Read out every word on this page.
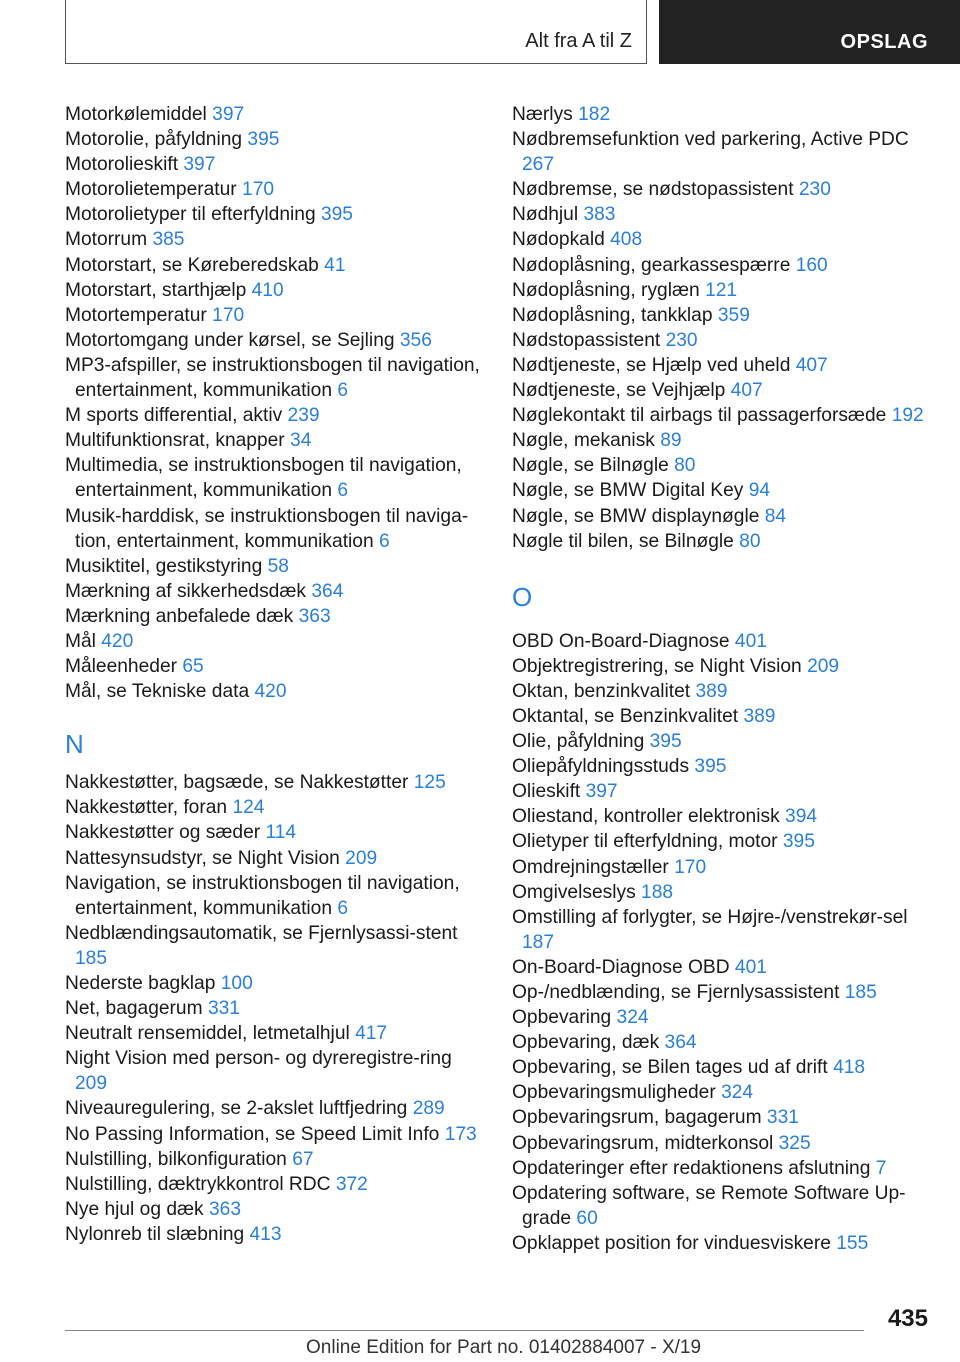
Alt fra A til Z	OPSLAG
Motorkølemiddel 397
Motorolie, påfyldning 395
Motorolieskift 397
Motorolietemperatur 170
Motorolietyper til efterfyldning 395
Motorrum 385
Motorstart, se Køreberedskab 41
Motorstart, starthjælp 410
Motortemperatur 170
Motortomgang under kørsel, se Sejling 356
MP3-afspiller, se instruktionsbogen til navigation, entertainment, kommunikation 6
M sports differential, aktiv 239
Multifunktionsrat, knapper 34
Multimedia, se instruktionsbogen til navigation, entertainment, kommunikation 6
Musik-harddisk, se instruktionsbogen til naviga-tion, entertainment, kommunikation 6
Musiktitel, gestikstyring 58
Mærkning af sikkerhedsdæk 364
Mærkning anbefalede dæk 363
Mål 420
Måleenheder 65
Mål, se Tekniske data 420
N
Nakkestøtter, bagsæde, se Nakkestøtter 125
Nakkestøtter, foran 124
Nakkestøtter og sæder 114
Nattesynsudstyr, se Night Vision 209
Navigation, se instruktionsbogen til navigation, entertainment, kommunikation 6
Nedblændingsautomatik, se Fjernlysassi-stent 185
Nederste bagklap 100
Net, bagagerum 331
Neutralt rensemiddel, letmetalhjul 417
Night Vision med person- og dyreregistre-ring 209
Niveauregulering, se 2-akslet luftfjedring 289
No Passing Information, se Speed Limit Info 173
Nulstilling, bilkonfiguration 67
Nulstilling, dæktrykkontrol RDC 372
Nye hjul og dæk 363
Nylonreb til slæbning 413
Nærlys 182
Nødbremsefunktion ved parkering, Active PDC 267
Nødbremse, se nødstopassistent 230
Nødhjul 383
Nødopkald 408
Nødoplåsning, gearkassespærre 160
Nødoplåsning, ryglæn 121
Nødoplåsning, tankklap 359
Nødstopassistent 230
Nødtjeneste, se Hjælp ved uheld 407
Nødtjeneste, se Vejhjælp 407
Nøglekontakt til airbags til passagerforsæde 192
Nøgle, mekanisk 89
Nøgle, se Bilnøgle 80
Nøgle, se BMW Digital Key 94
Nøgle, se BMW displaynøgle 84
Nøgle til bilen, se Bilnøgle 80
O
OBD On-Board-Diagnose 401
Objektregistrering, se Night Vision 209
Oktan, benzinkvalitet 389
Oktantal, se Benzinkvalitet 389
Olie, påfyldning 395
Oliepåfyldningsstuds 395
Olieskift 397
Oliestand, kontroller elektronisk 394
Olietyper til efterfyldning, motor 395
Omdrejningstæller 170
Omgivelseslys 188
Omstilling af forlygter, se Højre-/venstrekør-sel 187
On-Board-Diagnose OBD 401
Op-/nedblænding, se Fjernlysassistent 185
Opbevaring 324
Opbevaring, dæk 364
Opbevaring, se Bilen tages ud af drift 418
Opbevaringsmuligheder 324
Opbevaringsrum, bagagerum 331
Opbevaringsrum, midterkonsol 325
Opdateringer efter redaktionens afslutning 7
Opdatering software, se Remote Software Up-grade 60
Opklappet position for vinduesviskere 155
435
Online Edition for Part no. 01402884007 - X/19
